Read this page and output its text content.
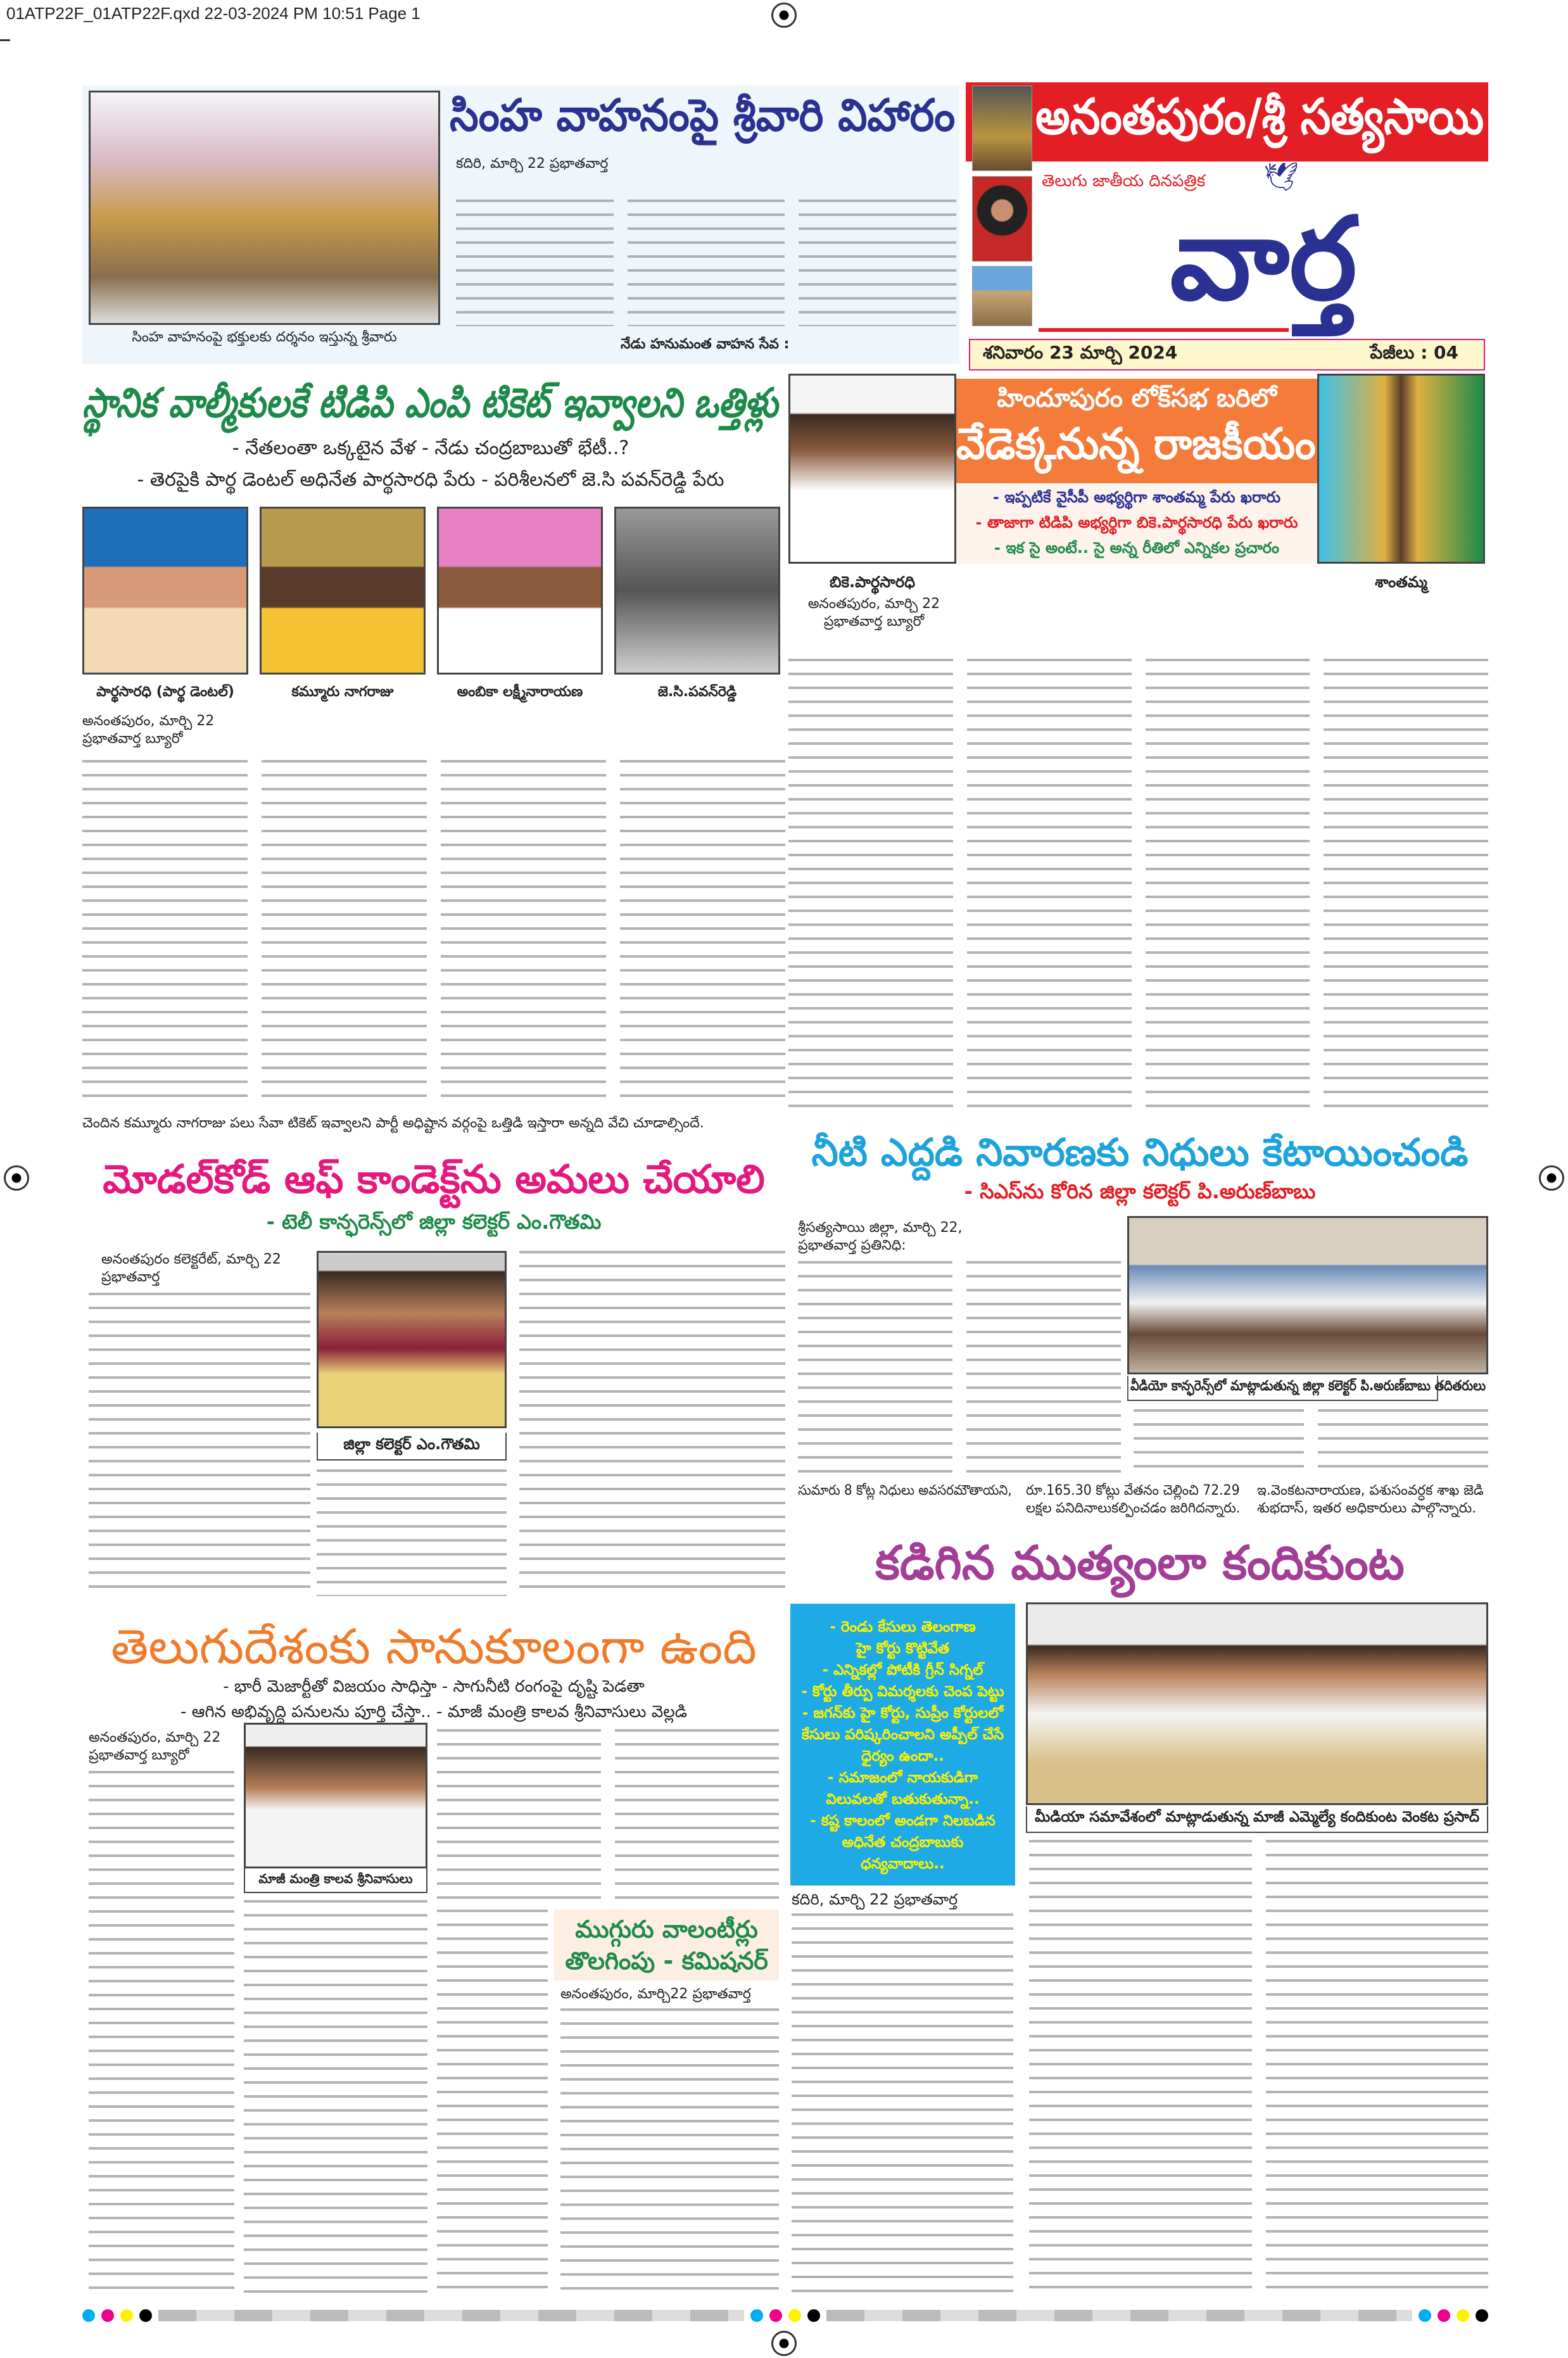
01ATP22F_01ATP22F.qxd 22-03-2024 PM 10:51 Page 1
సింహ వాహనంపై భక్తులకు దర్శనం ఇస్తున్న శ్రీవారు
సింహ వాహనంపై శ్రీవారి విహారం
కదిరి, మార్చి 22 ప్రభాతవార్త
నేడు హనుమంత వాహన సేవ :
అనంతపురం/శ్రీ సత్యసాయి
🕊
తెలుగు జాతీయ దినపత్రిక
వార్త
శనివారం 23 మార్చి 2024	పేజీలు : 04
స్థానిక వాల్మీకులకే టిడిపి ఎంపి టికెట్ ఇవ్వాలని ఒత్తిళ్లు
- నేతలంతా ఒక్కటైన వేళ - నేడు చంద్రబాబుతో భేటీ..?
- తెరపైకి పార్థ డెంటల్ అధినేత పార్థసారధి పేరు - పరిశీలనలో జె.సి పవన్‌రెడ్డి పేరు
పార్థసారధి (పార్థ డెంటల్)	కమ్మూరు నాగరాజు	అంబికా లక్ష్మీనారాయణ	జె.సి.పవన్‌రెడ్డి
అనంతపురం, మార్చి 22 ప్రభాతవార్త బ్యూరో
చెందిన కమ్మూరు నాగరాజు పలు సేవా టికెట్ ఇవ్వాలని పార్టీ అధిష్టాన వర్గంపై ఒత్తిడి ఇస్తారా అన్నది వేచి చూడాల్సిందే.
హిందూపురం లోక్‌సభ బరిలో
వేడెక్కనున్న రాజకీయం
- ఇప్పటికే వైసీపీ అభ్యర్థిగా శాంతమ్మ పేరు ఖరారు
- తాజాగా టిడిపి అభ్యర్థిగా బికె.పార్థసారధి పేరు ఖరారు
- ఇక సై అంటే.. సై అన్న రీతిలో ఎన్నికల ప్రచారం
బికె.పార్థసారధి	శాంతమ్మ
అనంతపురం, మార్చి 22 ప్రభాతవార్త బ్యూరో
మోడల్‌కోడ్ ఆఫ్ కాండెక్ట్‌ను అమలు చేయాలి
- టెలీ కాన్ఫరెన్స్‌లో జిల్లా కలెక్టర్ ఎం.గౌతమి
అనంతపురం కలెక్టరేట్, మార్చి 22 ప్రభాతవార్త
జిల్లా కలెక్టర్ ఎం.గౌతమి
నీటి ఎద్దడి నివారణకు నిధులు కేటాయించండి
- సిఎస్‌ను కోరిన జిల్లా కలెక్టర్ పి.అరుణ్‌బాబు
శ్రీసత్యసాయి జిల్లా, మార్చి 22, ప్రభాతవార్త ప్రతినిధి:
వీడియో కాన్ఫరెన్స్‌లో మాట్లాడుతున్న జిల్లా కలెక్టర్ పి.అరుణ్‌బాబు తదితరులు
సుమారు 8 కోట్ల నిధులు అవసరమౌతాయని, రూ.165.30 కోట్లు వేతనం చెల్లించి 72.29
లక్షల పనిదినాలుకల్పించడం జరిగిదన్నారు.
ఇ.వెంకటనారాయణ, పశుసంవర్ధక శాఖ జెడి
శుభదాస్, ఇతర అధికారులు పాల్గొన్నారు.
కడిగిన ముత్యంలా కందికుంట
- రెండు కేసులు తెలంగాణ
హై కోర్టు కొట్టివేత
- ఎన్నికల్లో పోటీకి గ్రీన్ సిగ్నల్
- కోర్టు తీర్పు విమర్శలకు చెంప పెట్టు
- జగన్‌కు హై కోర్టు, సుప్రీం కోర్టులలో
కేసులు పరిష్కరించాలని అప్పీల్ చేసే
ధైర్యం ఉందా..
- సమాజంలో నాయకుడిగా
విలువలతో బతుకుతున్నా..
- కష్ట కాలంలో అండగా నిలబడిన
అధినేత చంద్రబాబుకు
ధన్యవాదాలు..
మీడియా సమావేశంలో మాట్లాడుతున్న మాజీ ఎమ్మెల్యే కందికుంట వెంకట ప్రసాద్
కదిరి, మార్చి 22 ప్రభాతవార్త
తెలుగుదేశంకు సానుకూలంగా ఉంది
- భారీ మెజార్టీతో విజయం సాధిస్తా - సాగునీటి రంగంపై దృష్టి పెడతా
- ఆగిన అభివృద్ధి పనులను పూర్తి చేస్తా.. - మాజీ మంత్రి కాలవ శ్రీనివాసులు వెల్లడి
అనంతపురం, మార్చి 22 ప్రభాతవార్త బ్యూరో
మాజీ మంత్రి కాలవ శ్రీనివాసులు
ముగ్గురు వాలంటీర్లు తొలగింపు - కమిషనర్
అనంతపురం, మార్చి22 ప్రభాతవార్త
